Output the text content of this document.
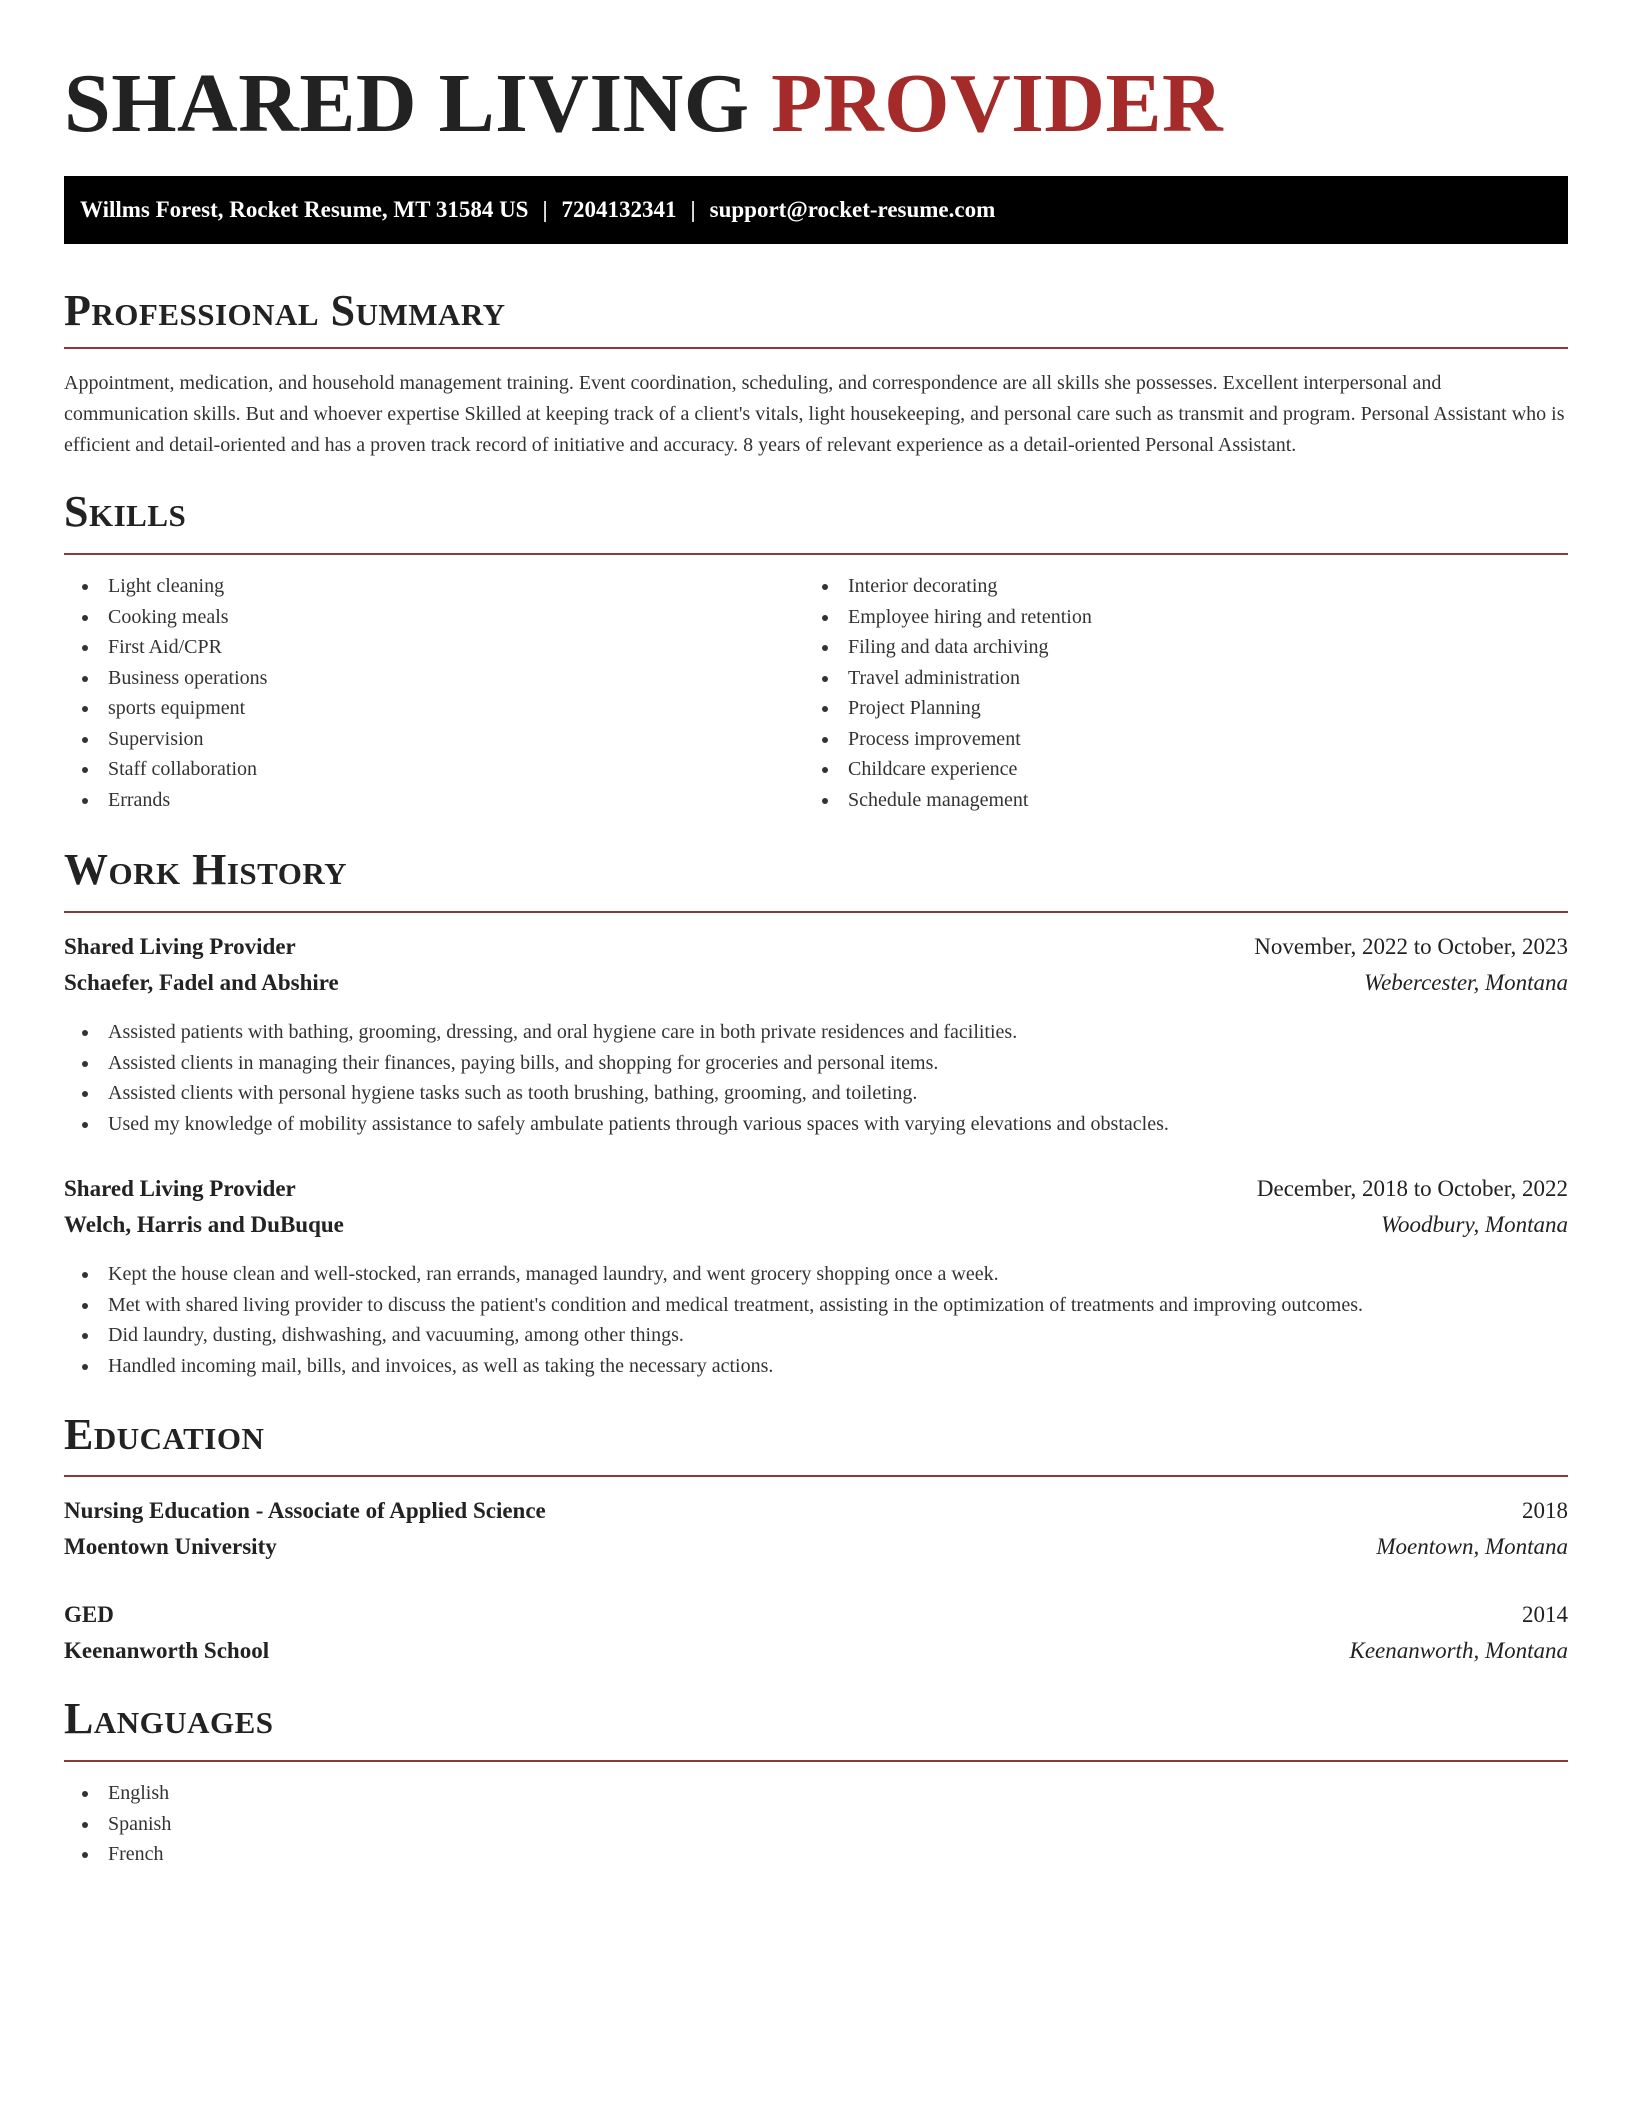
SHARED LIVING PROVIDER
Willms Forest, Rocket Resume, MT 31584 US | 7204132341 | support@rocket-resume.com
Professional Summary

Appointment, medication, and household management training. Event coordination, scheduling, and correspondence are all skills she possesses. Excellent interpersonal and communication skills. But and whoever expertise Skilled at keeping track of a client's vitals, light housekeeping, and personal care such as transmit and program. Personal Assistant who is efficient and detail-oriented and has a proven track record of initiative and accuracy. 8 years of relevant experience as a detail-oriented Personal Assistant.

Skills
Light cleaning
Cooking meals
First Aid/CPR
Business operations
sports equipment
Supervision
Staff collaboration
Errands
Interior decorating
Employee hiring and retention
Filing and data archiving
Travel administration
Project Planning
Process improvement
Childcare experience
Schedule management
Work History
Shared Living Provider	November, 2022 to October, 2023
Schaefer, Fadel and Abshire	Webercester, Montana
Assisted patients with bathing, grooming, dressing, and oral hygiene care in both private residences and facilities.
Assisted clients in managing their finances, paying bills, and shopping for groceries and personal items.
Assisted clients with personal hygiene tasks such as tooth brushing, bathing, grooming, and toileting.
Used my knowledge of mobility assistance to safely ambulate patients through various spaces with varying elevations and obstacles.
Shared Living Provider	December, 2018 to October, 2022
Welch, Harris and DuBuque	Woodbury, Montana
Kept the house clean and well-stocked, ran errands, managed laundry, and went grocery shopping once a week.
Met with shared living provider to discuss the patient's condition and medical treatment, assisting in the optimization of treatments and improving outcomes.
Did laundry, dusting, dishwashing, and vacuuming, among other things.
Handled incoming mail, bills, and invoices, as well as taking the necessary actions.
Education
Nursing Education - Associate of Applied Science	2018
Moentown University	Moentown, Montana
GED	2014
Keenanworth School	Keenanworth, Montana
Languages
English
Spanish
French
